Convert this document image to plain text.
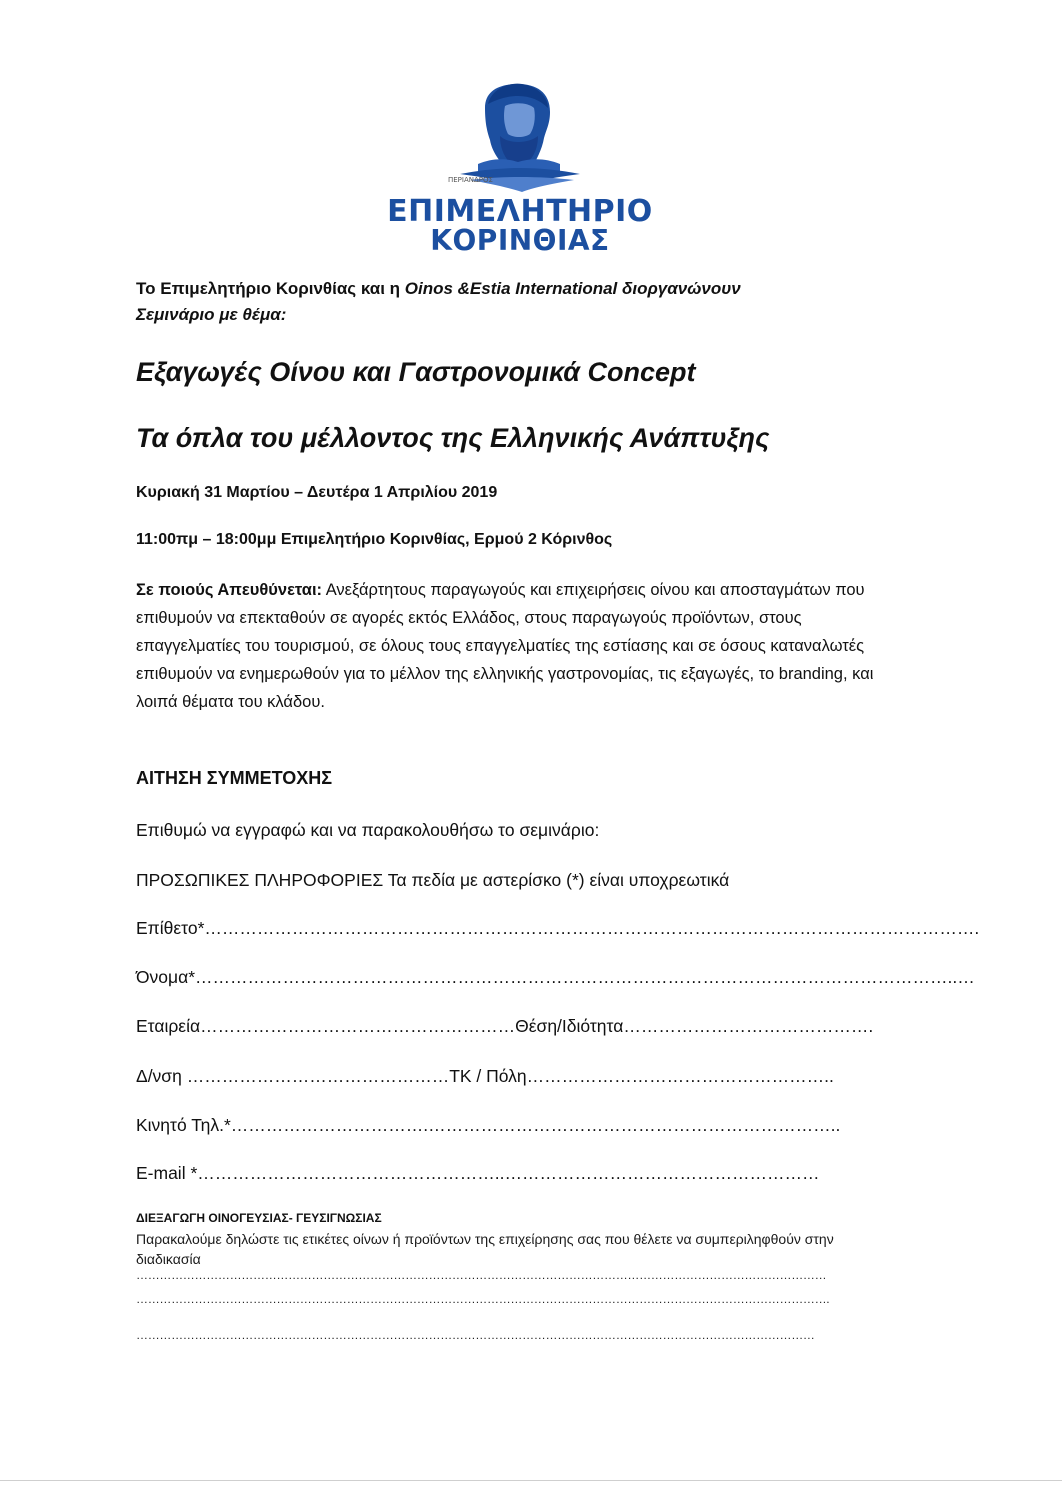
ΠΕΡΙΑΝΔΡΟΣ
ΕΠΙΜΕΛΗΤΗΡΙΟ
ΚΟΡΙΝΘΙΑΣ
Το Επιμελητήριο Κορινθίας και η Oinos &Estia International διοργανώνουν
Σεμινάριο με θέμα:
Εξαγωγές Οίνου και Γαστρονομικά Concept
Τα όπλα του μέλλοντος της Ελληνικής Ανάπτυξης
Κυριακή 31 Μαρτίου – Δευτέρα 1 Απριλίου 2019
11:00πμ – 18:00μμ Επιμελητήριο Κορινθίας, Ερμού 2 Κόρινθος
Σε ποιούς Απευθύνεται: Ανεξάρτητους παραγωγούς και επιχειρήσεις οίνου και αποσταγμάτων που επιθυμούν να επεκταθούν σε αγορές εκτός Ελλάδος, στους παραγωγούς προϊόντων, στους επαγγελματίες του τουρισμού, σε όλους τους επαγγελματίες της εστίασης και σε όσους καταναλωτές επιθυμούν να ενημερωθούν για το μέλλον της ελληνικής γαστρονομίας, τις εξαγωγές, το branding, και λοιπά θέματα του κλάδου.
ΑΙΤΗΣΗ ΣΥΜΜΕΤΟΧΗΣ
Επιθυμώ να εγγραφώ και να παρακολουθήσω το σεμινάριο:
ΠΡΟΣΩΠΙΚΕΣ ΠΛΗΡΟΦΟΡΙΕΣ Τα πεδία με αστερίσκο (*) είναι υποχρεωτικά
Επίθετο*…………………………………………………………………………………………………………………….
Όνομα*…………………………………………………………………………………………………………………..…
Εταιρεία………………………………………………Θέση/Ιδιότητα…………………………………….
Δ/νση ………………………………………ΤΚ / Πόλη……………………………………………..
Κινητό Τηλ.*…………………………….……………………………………………………………..
E-mail *……………………………………………..………………………………………………
ΔΙΕΞΑΓΩΓΗ ΟΙΝΟΓΕΥΣΙΑΣ- ΓΕΥΣΙΓΝΩΣΙΑΣ
Παρακαλούμε δηλώστε τις ετικέτες οίνων ή προϊόντων της επιχείρησης σας που θέλετε να συμπεριληφθούν στην διαδικασία
……………………………………………………………………………………………………………………………………………………………
…………………………………………………………………………………………………………………………………………………………….
…………………………………………………………………………………………………………………………………………………………
